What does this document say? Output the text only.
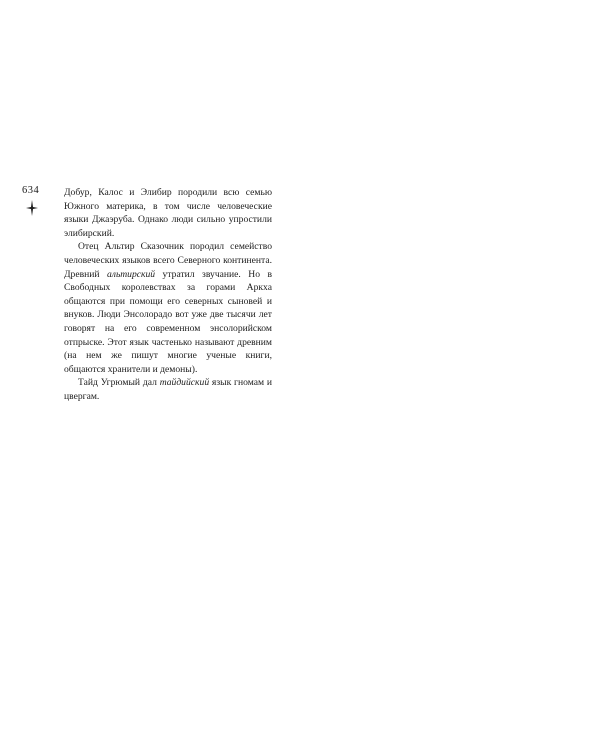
634	Добур, Калос и Элибир породили всю семью Южного материка, в том числе человеческие языки Джаэруба. Однако люди сильно упростили элибирский.

Отец Альтир Сказочник породил семейство человеческих языков всего Северного континента. Древний альтирский утратил звучание. Но в Свободных королевствах за горами Аркха общаются при помощи его северных сыновей и внуков. Люди Энсолорадо вот уже две тысячи лет говорят на его современном энсолорийском отпрыске. Этот язык частенько называют древним (на нем же пишут многие ученые книги, общаются хранители и демоны).

Тайд Угрюмый дал тайдийский язык гномам и цвергам.
